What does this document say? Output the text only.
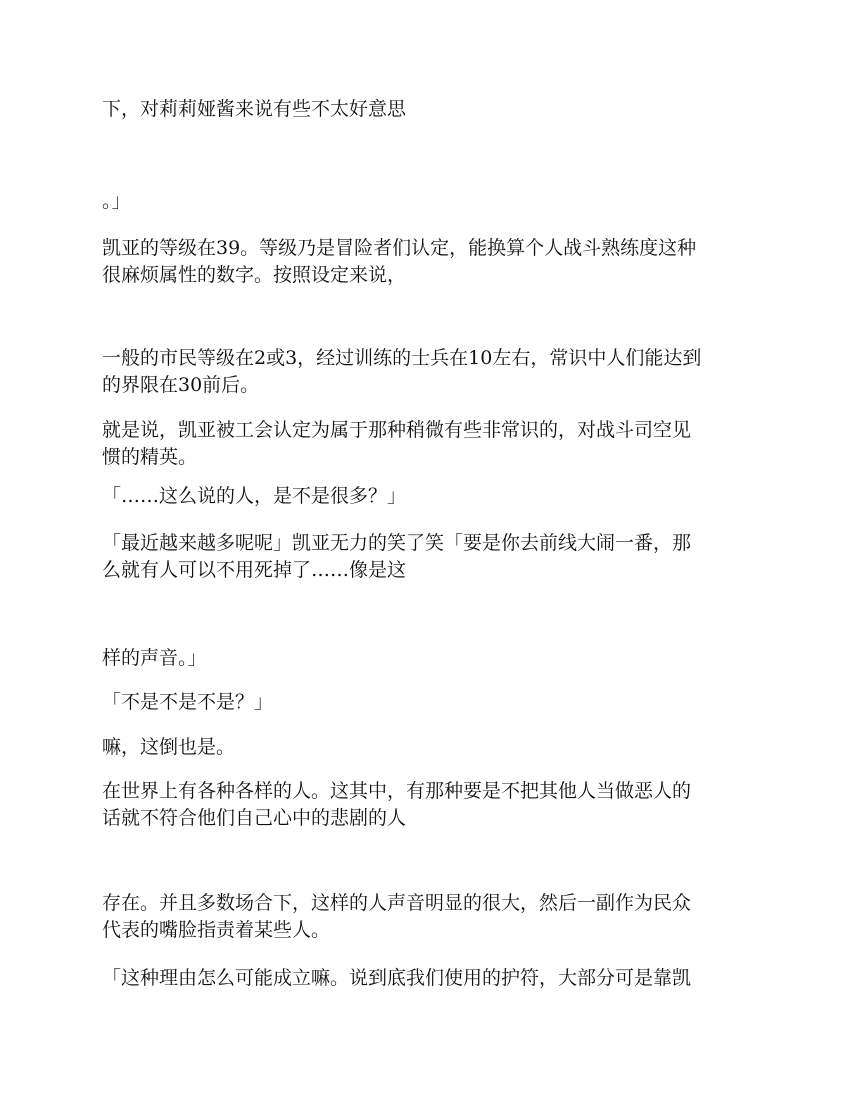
下，对莉莉娅酱来说有些不太好意思
。」
凯亚的等级在39。等级乃是冒险者们认定，能换算个人战斗熟练度这种
很麻烦属性的数字。按照设定来说，
一般的市民等级在2或3，经过训练的士兵在10左右，常识中人们能达到
的界限在30前后。
就是说，凯亚被工会认定为属于那种稍微有些非常识的，对战斗司空见
惯的精英。
「……这么说的人，是不是很多？」
「最近越来越多呢呢」凯亚无力的笑了笑「要是你去前线大闹一番，那
么就有人可以不用死掉了……像是这
样的声音。」
「不是不是不是？」
嘛，这倒也是。
在世界上有各种各样的人。这其中，有那种要是不把其他人当做恶人的
话就不符合他们自己心中的悲剧的人
存在。并且多数场合下，这样的人声音明显的很大，然后一副作为民众
代表的嘴脸指责着某些人。
「这种理由怎么可能成立嘛。说到底我们使用的护符，大部分可是靠凯
